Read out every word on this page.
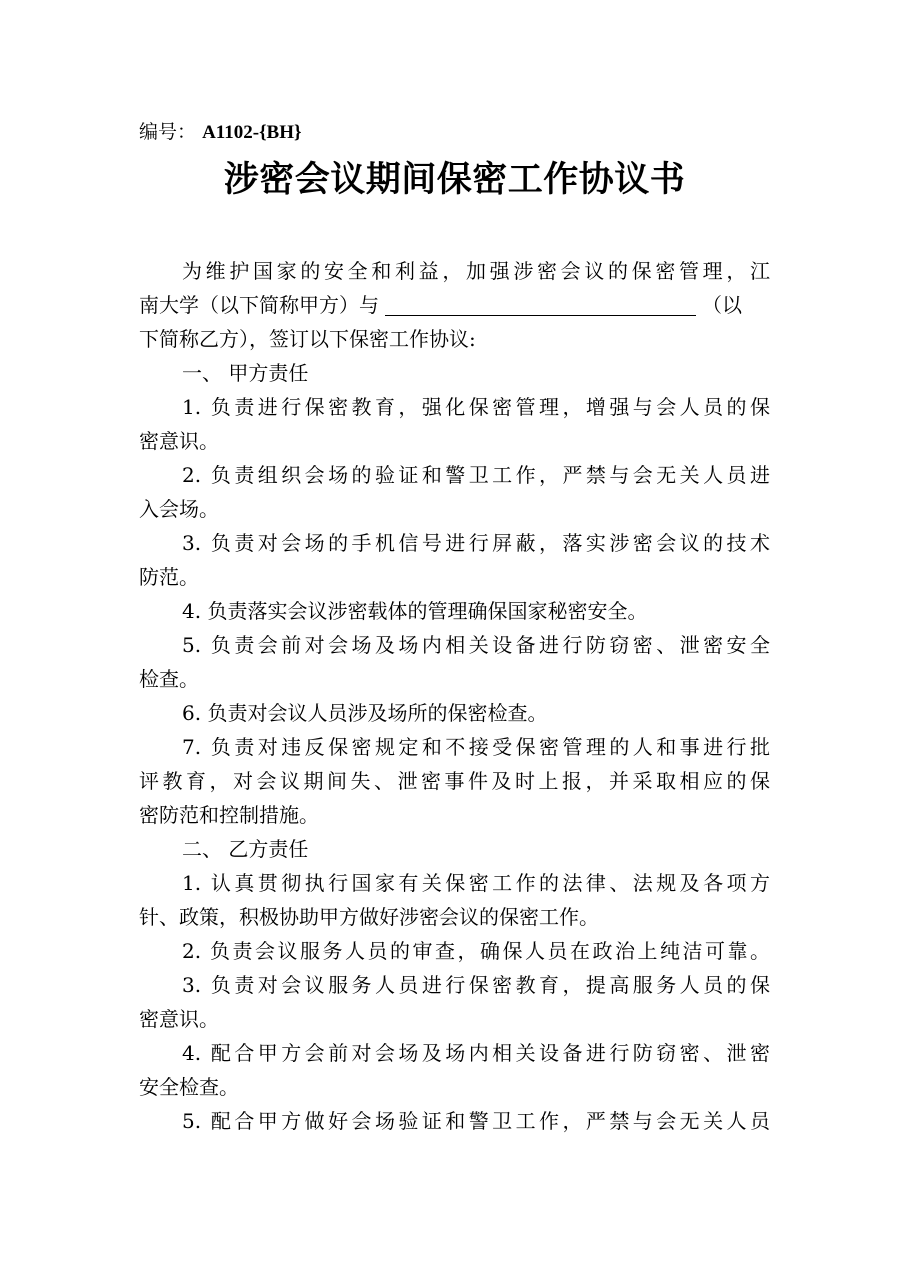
编号： A1102-{BH}
涉密会议期间保密工作协议书
为维护国家的安全和利益，加强涉密会议的保密管理，江
南大学（以下简称甲方）与	（以
下简称乙方），签订以下保密工作协议:
一、 甲方责任
1. 负责进行保密教育，强化保密管理，增强与会人员的保
密意识。
2. 负责组织会场的验证和警卫工作，严禁与会无关人员进
入会场。
3. 负责对会场的手机信号进行屏蔽，落实涉密会议的技术
防范。
4. 负责落实会议涉密载体的管理确保国家秘密安全。
5. 负责会前对会场及场内相关设备进行防窃密、泄密安全
检查。
6. 负责对会议人员涉及场所的保密检查。
7. 负责对违反保密规定和不接受保密管理的人和事进行批
评教育，对会议期间失、泄密事件及时上报，并采取相应的保
密防范和控制措施。
二、 乙方责任
1. 认真贯彻执行国家有关保密工作的法律、法规及各项方
针、政策，积极协助甲方做好涉密会议的保密工作。
2. 负责会议服务人员的审查，确保人员在政治上纯洁可靠。
3. 负责对会议服务人员进行保密教育，提高服务人员的保
密意识。
4. 配合甲方会前对会场及场内相关设备进行防窃密、泄密
安全检查。
5. 配合甲方做好会场验证和警卫工作，严禁与会无关人员
